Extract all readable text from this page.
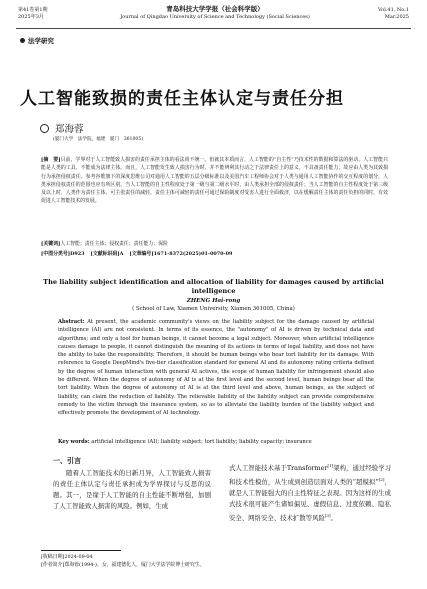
第41卷第1期
2025年3月
青岛科技大学学报（社会科学版）
Journal of Qingdao University of Science and Technology (Social Sciences)
Vol.41, No.1
Mar.2025
法学研究
人工智能致损的责任主体认定与责任分担
郑海蓉
(厦门大学　法学院，福建　厦门　361005)
[摘　要]目前，学界对于人工智能致人损害的责任承担主体的看法尚不统一。但就其本质而言，人工智能的“自主性”乃技术性的数据和算法的驱动，人工智能只能是人类的工具，不能成为法律主体。而且，人工智能发生致人损害行为时，并不能辨利其行动之于法律责任上的意义，不具备责任能力，故应由人类为其致损行为承担侵权责任。参考谷歌旗下的深度思维公司对通用人工智能的五层分级标准以及美国汽车工程师协会对于人类与通用人工智能协作的交互程度的划分，人类承担侵权责任的范围也应有所区别。当人工智能的自主性程度处于第一级与第二级水平时，由人类承担全部的侵权责任；当人工智能的自主性程度处于第三级及以上时，人类作为责任主体，可主张责任的减轻。责任主体可减轻的责任可通过保险制度对受害人进行全面救济，以在缓解责任主体的责任负担的同时，有效促进人工智能技术的发展。
[关键词]人工智能；责任主体；侵权责任；责任能力；保险
[中图分类号]D923 [文献标识码]A [文章编号]1671-8372(2025)01-0070-09
The liability subject identification and allocation of liability for damages caused by artificial intelligence
ZHENG Hai-rong
( School of Law, Xiamen University, Xiamen 361005, China)
Abstract: At present, the academic community's views on the liability subject for the damage caused by artificial intelligence (AI) are not consistent. In terms of its essence, the "autonomy" of AI is driven by technical data and algorithms; and only a tool for human beings, it cannot become a legal subject. Moreover, when artificial intelligence causes damage to people, it cannot distinguish the meaning of its actions in terms of legal liability, and does not have the ability to take the responsibility. Therefore, it should be human beings who bear tort liability for its damage. With reference to Google DeepMind's five-tier classification standard for general AI and its autonomy rating criteria defined by the degree of human interaction with general AI actives, the scope of human liability for infringement should also be different. When the degree of autonomy of AI is at the first level and the second level, human beings bear all the tort liability. When the degree of autonomy of AI is at the third level and above, human beings, as the subject of liability, can claim the reduction of liability. The relievable liability of the liability subject can provide comprehensive remedy to the victim through the insurance system, so as to alleviate the liability burden of the liability subject and effectively promote the development of AI technology.
Key words: artificial intelligence (AI); liability subject; tort liability; liability capacity; insurance
一、引言
随着人工智能技术的日新月异，人工智能致人损害的责任主体认定与责任承担成为学界探讨与反思的议题。其一，是缘于人工智能的自主性能不断增强，加剧了人工智能致人损害的风险。例如，生成
式人工智能技术基于Transformer[1]架构，通过经验学习和技术性模仿，从生成到创造层面对人类的“超模拟”[2]，就是人工智能强大的自主性特征之表现。因为这样的生成式技术很可能产生诸如偏见、虚假信息、过度依赖、隐私安全、网络安全、技术扩散等风险[3]。
[收稿日期]2024-09-04
[作者简介]郑海蓉(1994-)，女，福建德化人，厦门大学法学院博士研究生。
